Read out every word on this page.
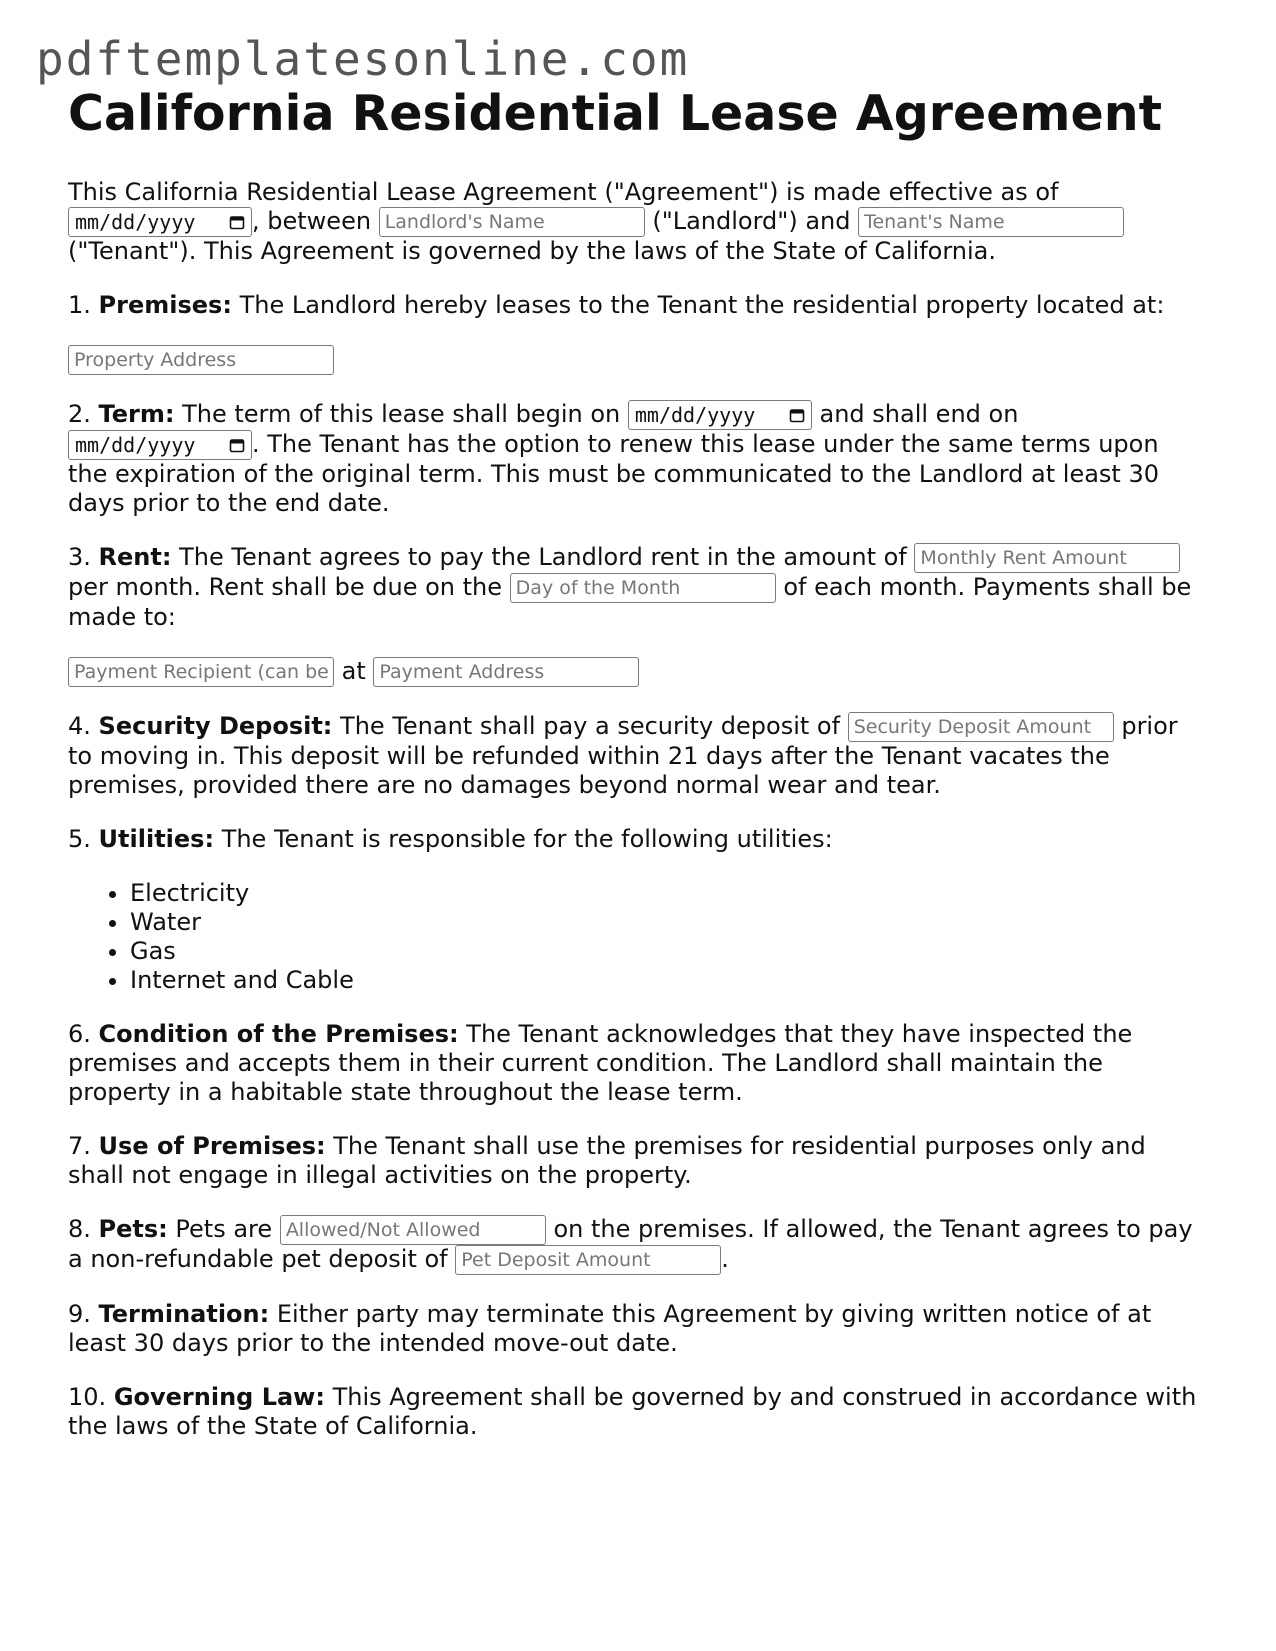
pdftemplatesonline.com
California Residential Lease Agreement

This California Residential Lease Agreement ("Agreement") is made effective as of
mm/dd/yyyy , between Landlord's Name	("Landlord") and Tenant's Name ("Tenant"). This Agreement is governed by the laws of the State of California.

1. Premises: The Landlord hereby leases to the Tenant the residential property located at:

Property Address

2. Term: The term of this lease shall begin on mm/dd/yyyy	and shall end on
mm/dd/yyyy . The Tenant has the option to renew this lease under the same terms upon the expiration of the original term. This must be communicated to the Landlord at least 30 days prior to the end date.

3. Rent: The Tenant agrees to pay the Landlord rent in the amount of Monthly Rent Amount per month. Rent shall be due on the Day of the Month	of each month. Payments shall be made to:

Payment Recipient (can be at Payment Address

4. Security Deposit: The Tenant shall pay a security deposit of Security Deposit Amount	prior to moving in. This deposit will be refunded within 21 days after the Tenant vacates the premises, provided there are no damages beyond normal wear and tear.

5. Utilities: The Tenant is responsible for the following utilities:

• Electricity
• Water
• Gas
• Internet and Cable

6. Condition of the Premises: The Tenant acknowledges that they have inspected the premises and accepts them in their current condition. The Landlord shall maintain the property in a habitable state throughout the lease term.

7. Use of Premises: The Tenant shall use the premises for residential purposes only and shall not engage in illegal activities on the property.

8. Pets: Pets are Allowed/Not Allowed	on the premises. If allowed, the Tenant agrees to pay a non-refundable pet deposit of Pet Deposit Amount	.

9. Termination: Either party may terminate this Agreement by giving written notice of at least 30 days prior to the intended move-out date.

10. Governing Law: This Agreement shall be governed by and construed in accordance with the laws of the State of California.
